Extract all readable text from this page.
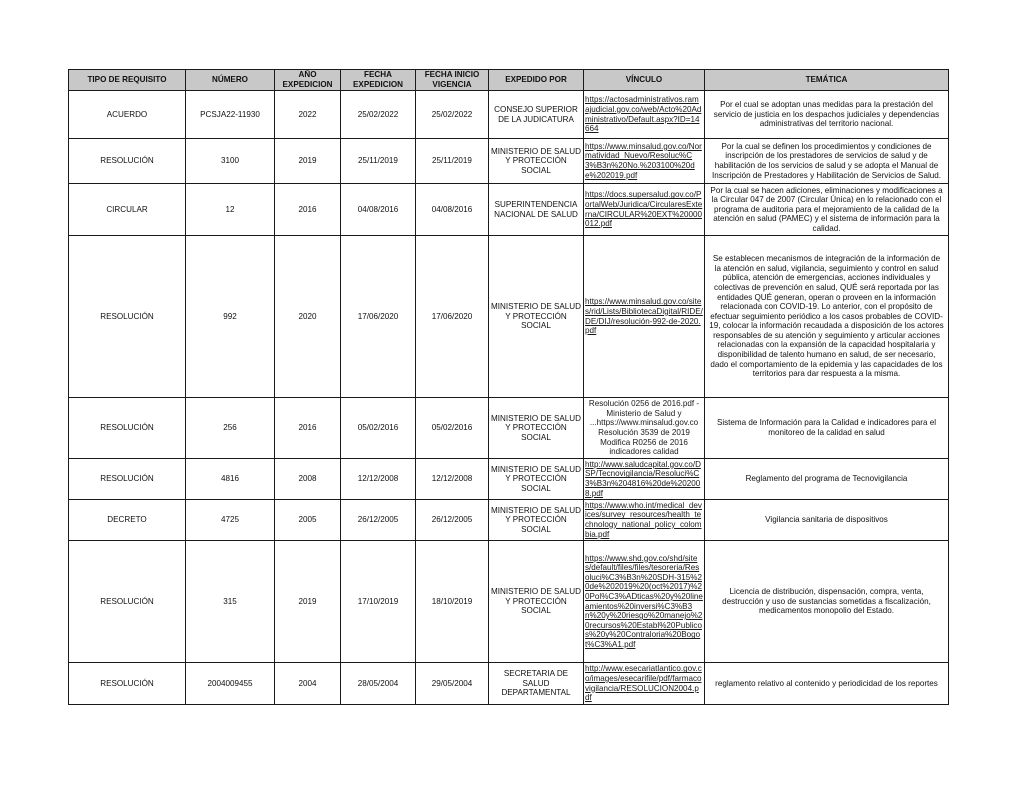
TIPO DE REQUISITO	NÚMERO	AÑO EXPEDICION	FECHA EXPEDICION	FECHA INICIO VIGENCIA	EXPEDIDO POR	VÍNCULO	TEMÁTICA
ACUERDO	PCSJA22-11930	2022	25/02/2022	25/02/2022	CONSEJO SUPERIOR DE LA JUDICATURA	https://actosadministrativos.ramajudicial.gov.co/web/Acto%20Administrativo/Default.aspx?ID=14664	Por el cual se adoptan unas medidas para la prestación del servicio de justicia en los despachos judiciales y dependencias administrativas del territorio nacional.
RESOLUCIÓN	3100	2019	25/11/2019	25/11/2019	MINISTERIO DE SALUD Y PROTECCIÓN SOCIAL	https://www.minsalud.gov.co/Normatividad_Nuevo/Resoluc%C3%B3n%20No.%203100%20de%202019.pdf	Por la cual se definen los procedimientos y condiciones de inscripción de los prestadores de servicios de salud y de habilitación de los servicios de salud y se adopta el Manual de Inscripción de Prestadores y Habilitación de Servicios de Salud.
CIRCULAR	12	2016	04/08/2016	04/08/2016	SUPERINTENDENCIA NACIONAL DE SALUD	https://docs.supersalud.gov.co/PortalWeb/Juridica/CircularesExterna/CIRCULAR%20EXT%20000012.pdf	Por la cual se hacen adiciones, eliminaciones y modificaciones a la Circular 047 de 2007 (Circular Única) en lo relacionado con el programa de auditoria para el mejoramiento de la calidad de la atención en salud (PAMEC) y el sistema de información para la calidad.
RESOLUCIÓN	992	2020	17/06/2020	17/06/2020	MINISTERIO DE SALUD Y PROTECCIÓN SOCIAL	https://www.minsalud.gov.co/sites/rid/Lists/BibliotecaDigital/RIDE/DE/DIJ/resolución-992-de-2020.pdf	Se establecen mecanismos de integración de la información de la atención en salud, vigilancia, seguimiento y control en salud pública, atención de emergencias, acciones individuales y colectivas de prevención en salud, QUÉ será reportada por las entidades QUÉ generan, operan o proveen en la información relacionada con COVID-19. Lo anterior, con el propósito de efectuar seguimiento periódico a los casos probables de COVID-19, colocar la información recaudada a disposición de los actores responsables de su atención y seguimiento y articular acciones relacionadas con la expansión de la capacidad hospitalaria y disponibilidad de talento humano en salud, de ser necesario, dado el comportamiento de la epidemia y las capacidades de los territorios para dar respuesta a la misma.
RESOLUCIÓN	256	2016	05/02/2016	05/02/2016	MINISTERIO DE SALUD Y PROTECCIÓN SOCIAL	Resolución 0256 de 2016.pdf - Ministerio de Salud y ...https://www.minsalud.gov.co Resolución 3539 de 2019 Modifica R0256 de 2016 indicadores calidad	Sistema de Información para la Calidad e indicadores para el monitoreo de la calidad en salud
RESOLUCIÓN	4816	2008	12/12/2008	12/12/2008	MINISTERIO DE SALUD Y PROTECCIÓN SOCIAL	http://www.saludcapital.gov.co/DSP/Tecnovigilancia/Resoluci%C3%B3n%204816%20de%202008.pdf	Reglamento del programa de Tecnovigilancia
DECRETO	4725	2005	26/12/2005	26/12/2005	MINISTERIO DE SALUD Y PROTECCIÓN SOCIAL	https://www.who.int/medical_devices/survey_resources/health_technology_national_policy_colombia.pdf	Vigilancia sanitaria de dispositivos
RESOLUCIÓN	315	2019	17/10/2019	18/10/2019	MINISTERIO DE SALUD Y PROTECCIÓN SOCIAL	https://www.shd.gov.co/shd/sites/default/files/files/tesoreria/Resoluci%C3%B3n%20SDH-315%20de%202019%20(oct%2017)%20Pol%C3%ADticas%20y%20lineamientos%20inversi%C3%B3n%20y%20riesgo%20manejo%20recursos%20Establ%20Publicos%20y%20Contraloria%20Bogot%C3%A1.pdf	Licencia de distribución, dispensación, compra, venta, destrucción y uso de sustancias sometidas a fiscalización, medicamentos monopolio del Estado.
RESOLUCIÓN	2004009455	2004	28/05/2004	29/05/2004	SECRETARIA DE SALUD DEPARTAMENTAL	http://www.esecariatlantico.gov.co/images/esecarifile/pdf/farmacovigilancia/RESOLUCION2004.pdf	reglamento relativo al contenido y periodicidad de los reportes
